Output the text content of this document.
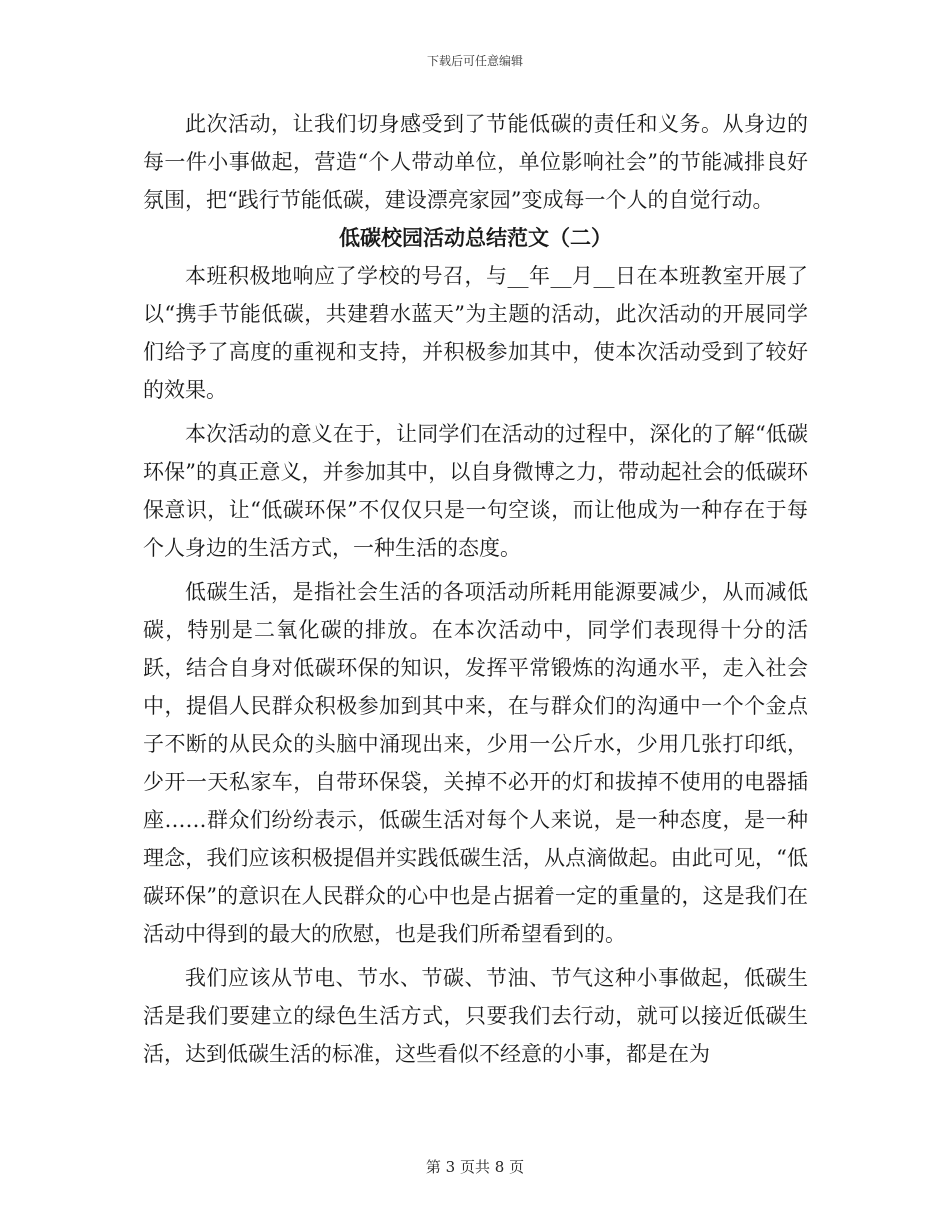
下载后可任意编辑

此次活动，让我们切身感受到了节能低碳的责任和义务。从身边的每一件小事做起，营造“个人带动单位，单位影响社会”的节能减排良好氛围，把“践行节能低碳，建设漂亮家园”变成每一个人的自觉行动。

低碳校园活动总结范文（二）

本班积极地响应了学校的号召，与__年__月__日在本班教室开展了以“携手节能低碳，共建碧水蓝天”为主题的活动，此次活动的开展同学们给予了高度的重视和支持，并积极参加其中，使本次活动受到了较好的效果。

本次活动的意义在于，让同学们在活动的过程中，深化的了解“低碳环保”的真正意义，并参加其中，以自身微博之力，带动起社会的低碳环保意识，让“低碳环保”不仅仅只是一句空谈，而让他成为一种存在于每个人身边的生活方式，一种生活的态度。

低碳生活，是指社会生活的各项活动所耗用能源要减少，从而减低碳，特别是二氧化碳的排放。在本次活动中，同学们表现得十分的活跃，结合自身对低碳环保的知识，发挥平常锻炼的沟通水平，走入社会中，提倡人民群众积极参加到其中来，在与群众们的沟通中一个个金点子不断的从民众的头脑中涌现出来，少用一公斤水，少用几张打印纸，少开一天私家车，自带环保袋，关掉不必开的灯和拔掉不使用的电器插座……群众们纷纷表示，低碳生活对每个人来说，是一种态度，是一种理念，我们应该积极提倡并实践低碳生活，从点滴做起。由此可见，“低碳环保”的意识在人民群众的心中也是占据着一定的重量的，这是我们在活动中得到的最大的欣慰，也是我们所希望看到的。

我们应该从节电、节水、节碳、节油、节气这种小事做起，低碳生活是我们要建立的绿色生活方式，只要我们去行动，就可以接近低碳生活，达到低碳生活的标准，这些看似不经意的小事，都是在为

第 3 页共 8 页
